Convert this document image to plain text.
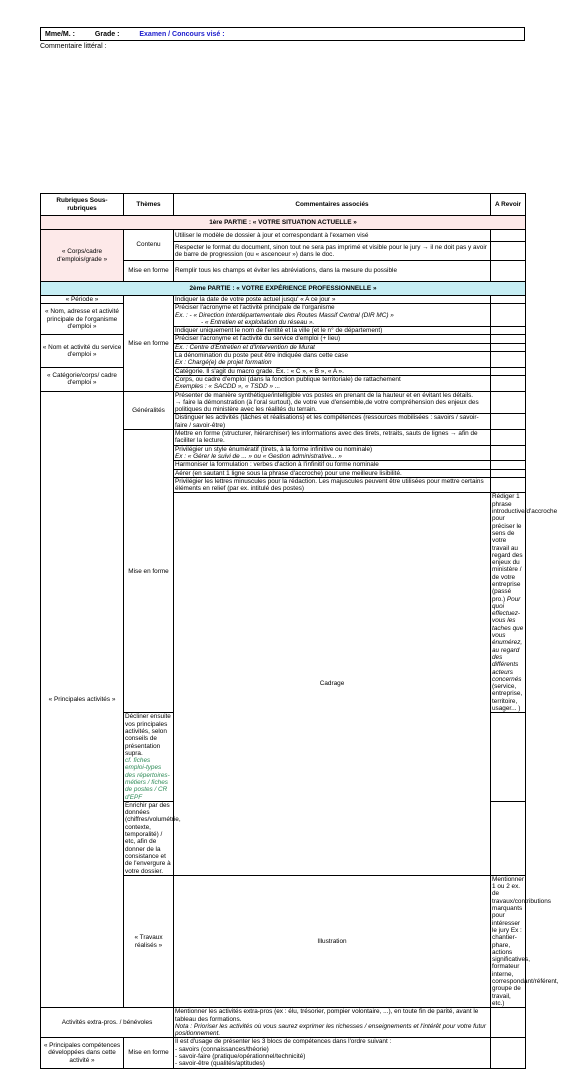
Mme/M. :	Grade :	Examen / Concours visé :
Commentaire littéral :
Rubriques Sous-rubriques	Thèmes	Commentaires associés	A Revoir	
1ère PARTIE : « VOTRE SITUATION ACTUELLE »				
« Corps/cadre d'emplois/grade »	Contenu	Utiliser le modèle de dossier à jour et correspondant à l'examen visé		
		Respecter le format du document, sinon tout ne sera pas imprimé et visible pour le jury → il ne doit pas y avoir de barre de progression (ou « ascenceur ») dans le doc.		
	Mise en forme	Remplir tous les champs et éviter les abréviations, dans la mesure du possible		
2ème PARTIE : « VOTRE EXPÉRIENCE PROFESSIONNELLE »				
« Période »	Mise en forme	Indiquer la date de votre poste actuel jusqu' « A ce jour »		
« Nom, adresse et activité principale de l'organisme d'emploi »		Préciser l'acronyme et l'activité principale de l'organisme
Ex. : - « Direction Interdépartementale des Routes Massif Central (DIR MC) »
- « Entretien et exploitation du réseau ».		

		Indiquer uniquement le nom de l'entité et la ville (et le n° de département)		
« Nom et activité du service d'emploi »		Préciser l'acronyme et l'activité du service d'emploi (+ lieu)		
		Ex. : Centre d'Entretien et d'Intervention de Murat		

		La dénomination du poste peut être indiquée dans cette case
Ex : Chargé(e) de projet formation		

« Catégorie/corps/ cadre d'emploi »		Catégorie. Il s'agit du macro grade. Ex. : « C », « B », « A ».		

		Corps, ou cadre d'emploi (dans la fonction publique territoriale) de rattachement
Exemples : « SACDD », « TSDD » ...		

« Principales activités »	Généralités	Présenter de manière synthétique/intelligible vos postes en prenant de la hauteur et en évitant les détails.
→ faire la démonstration (à l'oral surtout), de votre vue d'ensemble,de votre compréhension des enjeux des politiques du ministère avec les réalités du terrain.		

		Distinguer les activités (tâches et réalisations) et les compétences (ressources mobilisées : savoirs / savoir-faire / savoir-être)		
	Mise en forme	Mettre en forme (structurer, hiérarchiser) les informations avec des tirets, retraits, sauts de lignes → afin de faciliter la lecture.		

		Privilégier un style énumératif (tirets, à la forme infinitive ou nominale)
Ex : « Gérer le suivi de ... » ou « Gestion administrative... »		

		Harmoniser la formulation : verbes d'action à l'infinitif ou forme nominale		
		Aérer (en sautant 1 ligne sous la phrase d'accroche) pour une meilleure lisibilité.		
		Privilégier les lettres minuscules pour la rédaction. Les majuscules peuvent être utilisées pour mettre certains éléments en relief (par ex. intitulé des postes)		
		Cadrage	Rédiger 1 phrase introductive/d'accroche pour préciser le sens de votre travail au regard des enjeux du ministère / de votre entreprise (passé pro.) Pour quoi effectuez-vous les taches que vous énumérez, au regard des différents acteurs concernés (service, entreprise, territoire, usager... )	

	Décliner ensuite vos principales activités, selon conseils de présentation supra.
cf. fiches emploi-types des répertoires-métiers / fiches de postes / CR d'EPF			

	Enrichir par des données (chiffres/volumétrie, contexte, temporalité) / etc, afin de donner de la consistance et de l'envergure à votre dossier.			
	« Travaux réalisés »	Illustration	Mentionner 1 ou 2 ex. de travaux/contributions marquants pour intéresser le jury Ex : chantier-phare, actions significatives, formateur interne, correspondant/référent, groupe de travail, etc.)	
Activités extra-pros. / bénévoles		Mentionner les activités extra-pros (ex : élu, trésorier, pompier volontaire, ...), en toute fin de parité, avant le tableau des formations.
Nota : Prioriser les activités où vous saurez exprimer les richesses / enseignements et l'intérêt pour votre futur positionnement.		

« Principales compétences développées dans cette activité »	Mise en forme	Il est d'usage de présenter les 3 blocs de compétences dans l'ordre suivant :
- savoirs (connaissances/théorie)
- savoir-faire (pratique/opérationnel/technicité)
- savoir-être (qualités/aptitudes)		
